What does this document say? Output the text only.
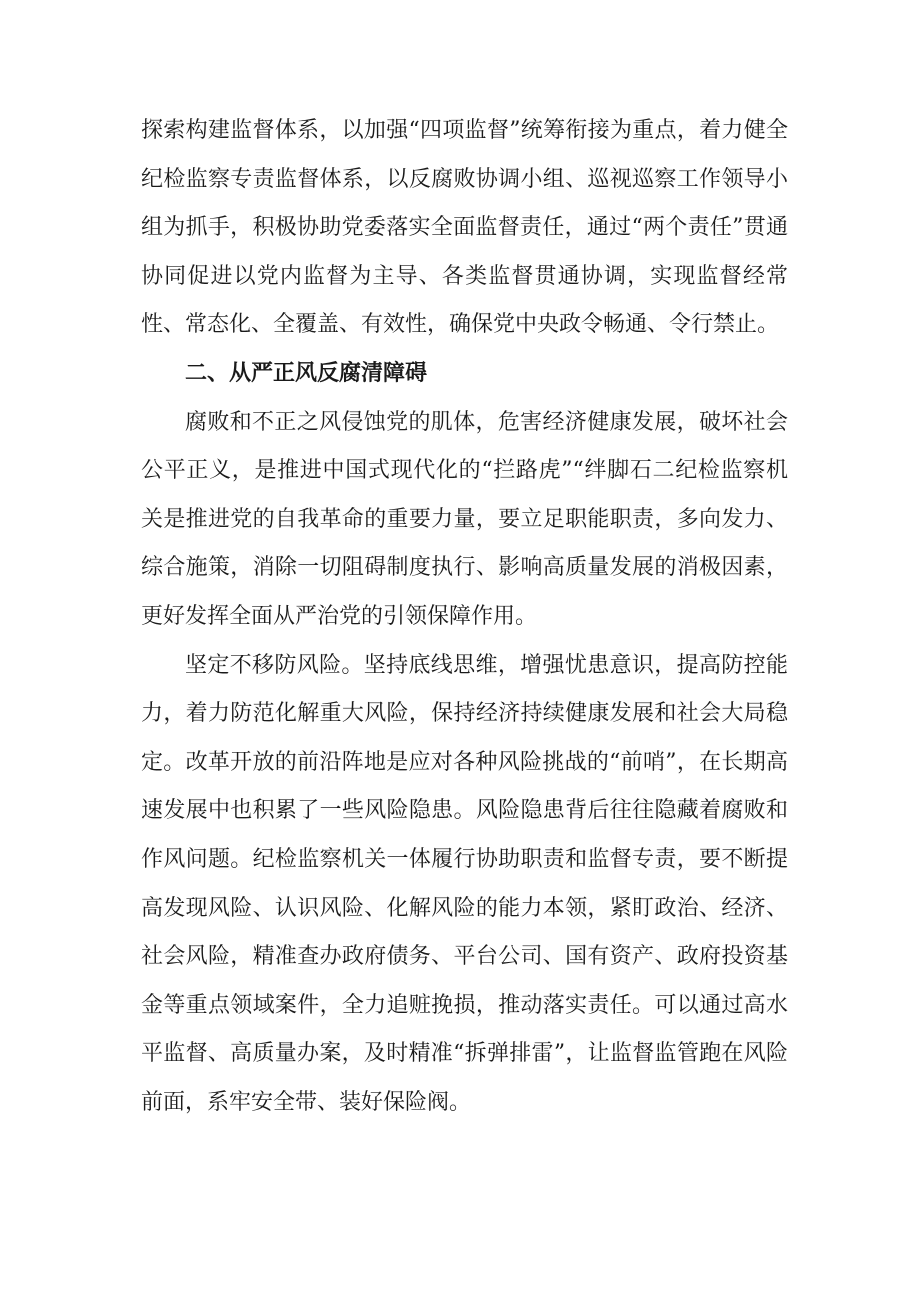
探索构建监督体系，以加强“四项监督”统筹衔接为重点，着力健全纪检监察专责监督体系，以反腐败协调小组、巡视巡察工作领导小组为抓手，积极协助党委落实全面监督责任，通过“两个责任”贯通协同促进以党内监督为主导、各类监督贯通协调，实现监督经常性、常态化、全覆盖、有效性，确保党中央政令畅通、令行禁止。

二、从严正风反腐清障碍

腐败和不正之风侵蚀党的肌体，危害经济健康发展，破坏社会公平正义，是推进中国式现代化的“拦路虎”“绊脚石二纪检监察机关是推进党的自我革命的重要力量，要立足职能职责，多向发力、综合施策，消除一切阻碍制度执行、影响高质量发展的消极因素，更好发挥全面从严治党的引领保障作用。

坚定不移防风险。坚持底线思维，增强忧患意识，提高防控能力，着力防范化解重大风险，保持经济持续健康发展和社会大局稳定。改革开放的前沿阵地是应对各种风险挑战的“前哨”，在长期高速发展中也积累了一些风险隐患。风险隐患背后往往隐藏着腐败和作风问题。纪检监察机关一体履行协助职责和监督专责，要不断提高发现风险、认识风险、化解风险的能力本领，紧盯政治、经济、社会风险，精准查办政府债务、平台公司、国有资产、政府投资基金等重点领域案件，全力追赃挽损，推动落实责任。可以通过高水平监督、高质量办案，及时精准“拆弹排雷”，让监督监管跑在风险前面，系牢安全带、装好保险阀。
